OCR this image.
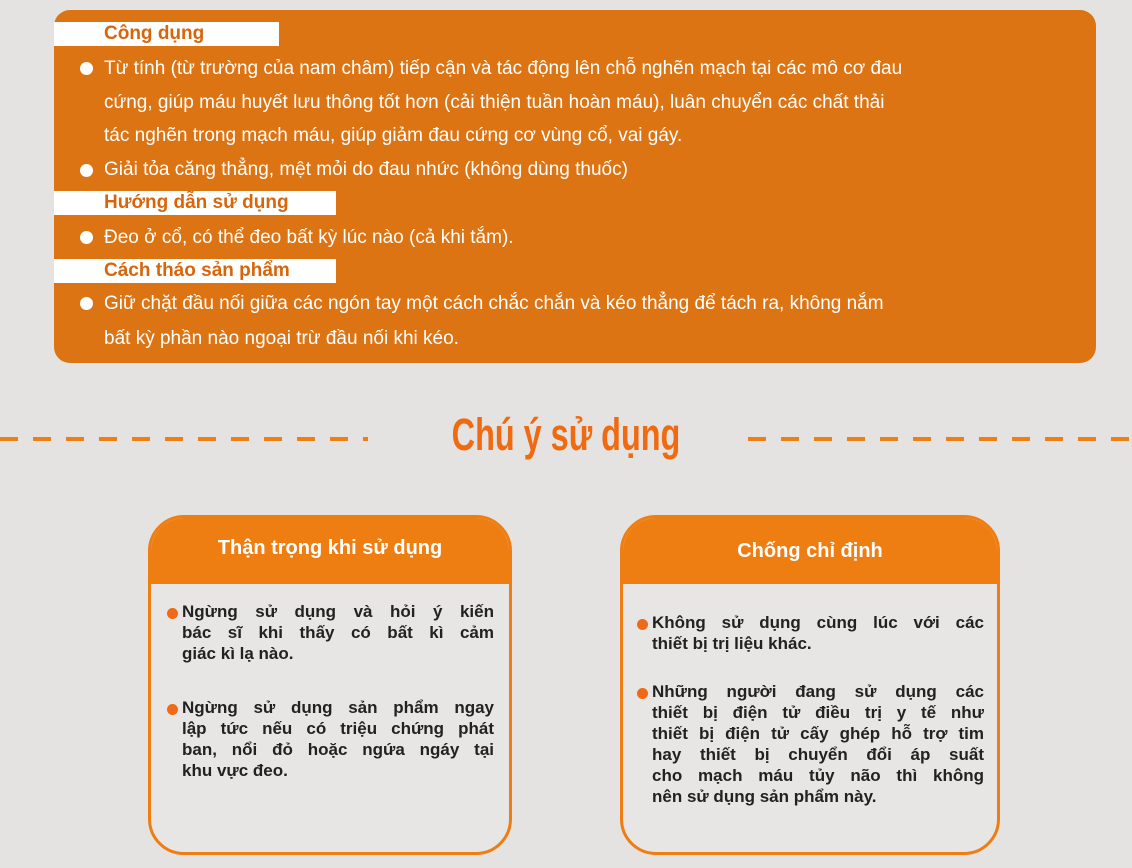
Công dụng
Từ tính (từ trường của nam châm) tiếp cận và tác động lên chỗ nghẽn mạch tại các mô cơ đau
cứng, giúp máu huyết lưu thông tốt hơn (cải thiện tuần hoàn máu), luân chuyển các chất thải
tác nghẽn trong mạch máu, giúp giảm đau cứng cơ vùng cổ, vai gáy.
Giải tỏa căng thẳng, mệt mỏi do đau nhức (không dùng thuốc)
Hướng dẫn sử dụng
Đeo ở cổ, có thể đeo bất kỳ lúc nào (cả khi tắm).
Cách tháo sản phẩm
Giữ chặt đầu nối giữa các ngón tay một cách chắc chắn và kéo thẳng để tách ra, không nắm
bất kỳ phần nào ngoại trừ đầu nối khi kéo.
Chú ý sử dụng
Thận trọng khi sử dụng
Ngừng sử dụng và hỏi ý kiến
bác sĩ khi thấy có bất kì cảm
giác kì lạ nào.
Ngừng sử dụng sản phẩm ngay
lập tức nếu có triệu chứng phát
ban, nổi đỏ hoặc ngứa ngáy tại
khu vực đeo.
Chống chỉ định
Không sử dụng cùng lúc với các
thiết bị trị liệu khác.
Những người đang sử dụng các
thiết bị điện tử điều trị y tế như
thiết bị điện tử cấy ghép hỗ trợ tim
hay thiết bị chuyển đổi áp suất
cho mạch máu tủy não thì không
nên sử dụng sản phẩm này.
